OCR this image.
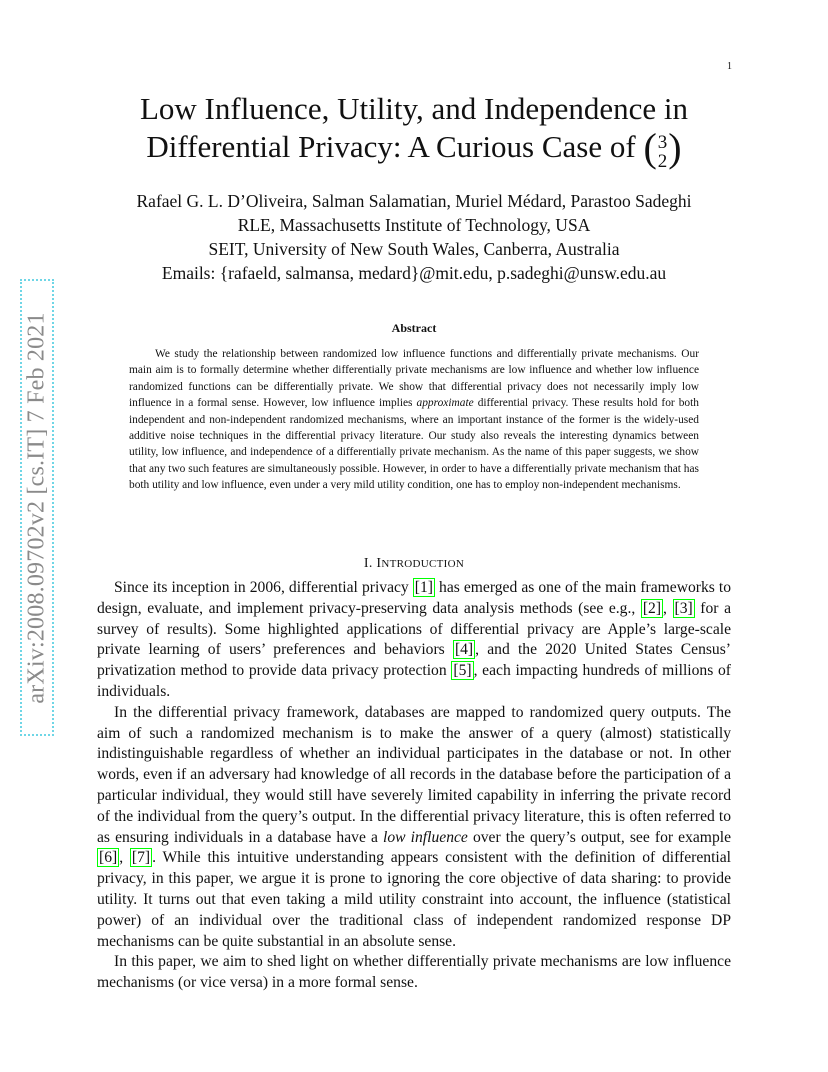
1
arXiv:2008.09702v2 [cs.IT] 7 Feb 2021
Low Influence, Utility, and Independence in
Differential Privacy: A Curious Case of ( 3
2 )
Rafael G. L. D’Oliveira, Salman Salamatian, Muriel Médard, Parastoo Sadeghi
RLE, Massachusetts Institute of Technology, USA
SEIT, University of New South Wales, Canberra, Australia
Emails: {rafaeld, salmansa, medard}@mit.edu, p.sadeghi@unsw.edu.au
Abstract

We study the relationship between randomized low influence functions and differentially private mechanisms. Our main aim is to formally determine whether differentially private mechanisms are low influence and whether low influence randomized functions can be differentially private. We show that differential privacy does not necessarily imply low influence in a formal sense. However, low influence implies approximate differential privacy. These results hold for both independent and non-independent randomized mechanisms, where an important instance of the former is the widely-used additive noise techniques in the differential privacy literature. Our study also reveals the interesting dynamics between utility, low influence, and independence of a differentially private mechanism. As the name of this paper suggests, we show that any two such features are simultaneously possible. However, in order to have a differentially private mechanism that has both utility and low influence, even under a very mild utility condition, one has to employ non-independent mechanisms.

I. INTRODUCTION

Since its inception in 2006, differential privacy [1] has emerged as one of the main frameworks to design, evaluate, and implement privacy-preserving data analysis methods (see e.g., [2] , [3] for a survey of results). Some highlighted applications of differential privacy are Apple’s large-scale private learning of users’ preferences and behaviors [4] , and the 2020 United States Census’ privatization method to provide data privacy protection [5] , each impacting hundreds of millions of individuals.

In the differential privacy framework, databases are mapped to randomized query outputs. The aim of such a randomized mechanism is to make the answer of a query (almost) statistically indistinguishable regardless of whether an individual participates in the database or not. In other words, even if an adversary had knowledge of all records in the database before the participation of a particular individual, they would still have severely limited capability in inferring the private record of the individual from the query’s output. In the differential privacy literature, this is often referred to as ensuring individuals in a database have a low influence over the query’s output, see for example [6] , [7] . While this intuitive understanding appears consistent with the definition of differential privacy, in this paper, we argue it is prone to ignoring the core objective of data sharing: to provide utility. It turns out that even taking a mild utility constraint into account, the influence (statistical power) of an individual over the traditional class of independent randomized response DP mechanisms can be quite substantial in an absolute sense.

In this paper, we aim to shed light on whether differentially private mechanisms are low influence mechanisms (or vice versa) in a more formal sense.
